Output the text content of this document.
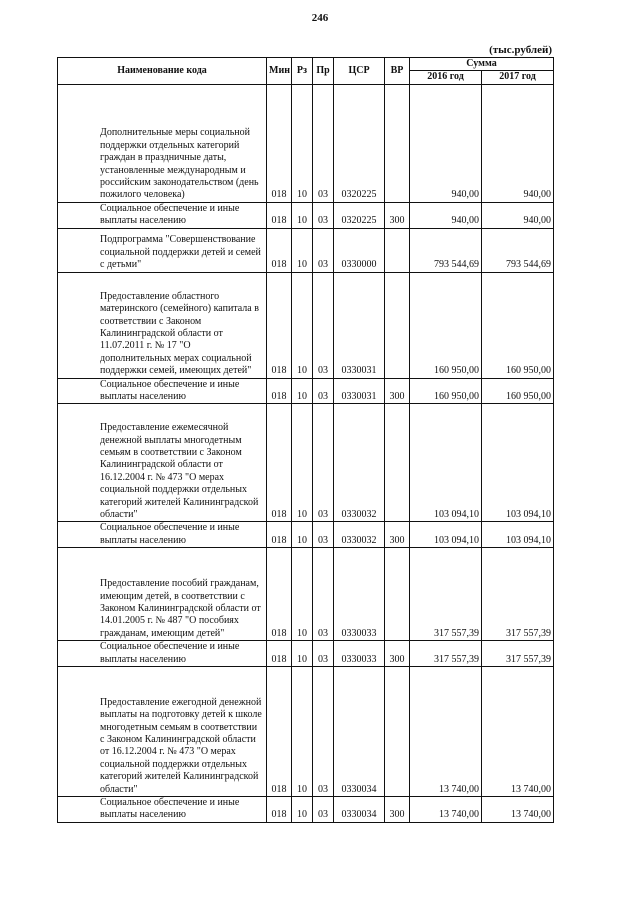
246
(тыс.рублей)
Наименование кода	Мин	Рз	Пр	ЦСР	ВР	Сумма	
						2016 год	2017 год

Дополнительные меры социальной поддержки отдельных категорий граждан в праздничные даты, установленные международным и российским законодательством (день пожилого человека)	018	10	03	0320225		940,00	940,00

Социальное обеспечение и иные выплаты населению	018	10	03	0320225	300	940,00	940,00

Подпрограмма "Совершенствование социальной поддержки детей и семей с детьми"	018	10	03	0330000		793 544,69	793 544,69

Предоставление областного материнского (семейного) капитала в соответствии с Законом Калининградской области от 11.07.2011 г. № 17 "О дополнительных мерах социальной поддержки семей, имеющих детей"	018	10	03	0330031		160 950,00	160 950,00

Социальное обеспечение и иные выплаты населению	018	10	03	0330031	300	160 950,00	160 950,00

Предоставление ежемесячной денежной выплаты многодетным семьям в соответствии с Законом Калининградской области от 16.12.2004 г. № 473 "О мерах социальной поддержки отдельных категорий жителей Калининградской области"	018	10	03	0330032		103 094,10	103 094,10

Социальное обеспечение и иные выплаты населению	018	10	03	0330032	300	103 094,10	103 094,10

Предоставление пособий гражданам, имеющим детей, в соответствии с Законом Калининградской области от 14.01.2005 г. № 487 "О пособиях гражданам, имеющим детей"	018	10	03	0330033		317 557,39	317 557,39

Социальное обеспечение и иные выплаты населению	018	10	03	0330033	300	317 557,39	317 557,39

Предоставление ежегодной денежной выплаты на подготовку детей к школе многодетным семьям в соответствии с Законом Калининградской области от 16.12.2004 г. № 473 "О мерах социальной поддержки отдельных категорий жителей Калининградской области"	018	10	03	0330034		13 740,00	13 740,00

Социальное обеспечение и иные выплаты населению	018	10	03	0330034	300	13 740,00	13 740,00
